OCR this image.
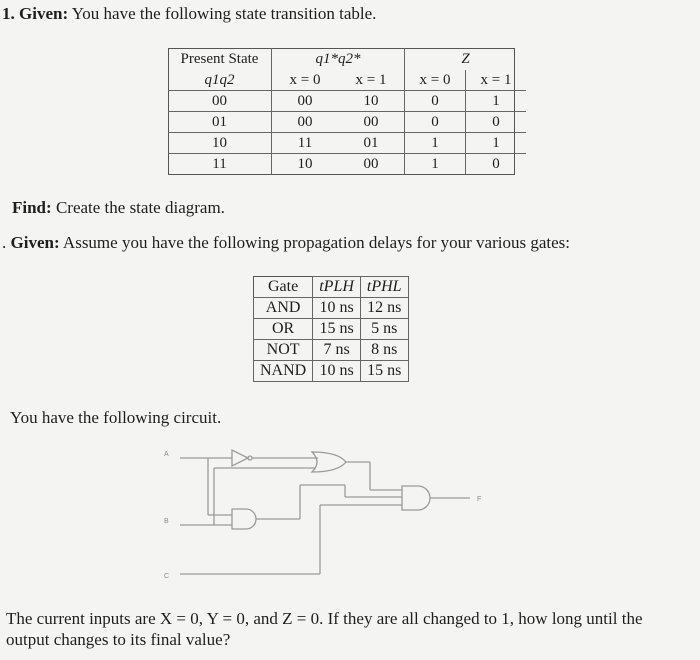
1. Given: You have the following state transition table.
Present State	q1*q2*		Z	
q1q2	x = 0	x = 1	x = 0	x = 1
00	00	10	0	1
01	00	00	0	0
10	11	01	1	1
11	10	00	1	0
Find: Create the state diagram.
. Given: Assume you have the following propagation delays for your various gates:
Gate	tPLH	tPHL
AND	10 ns	12 ns
OR	15 ns	5 ns
NOT	7 ns	8 ns
NAND	10 ns	15 ns
You have the following circuit.
A
B
C
F
The current inputs are X = 0, Y = 0, and Z = 0. If they are all changed to 1, how long until the output changes to its final value?
